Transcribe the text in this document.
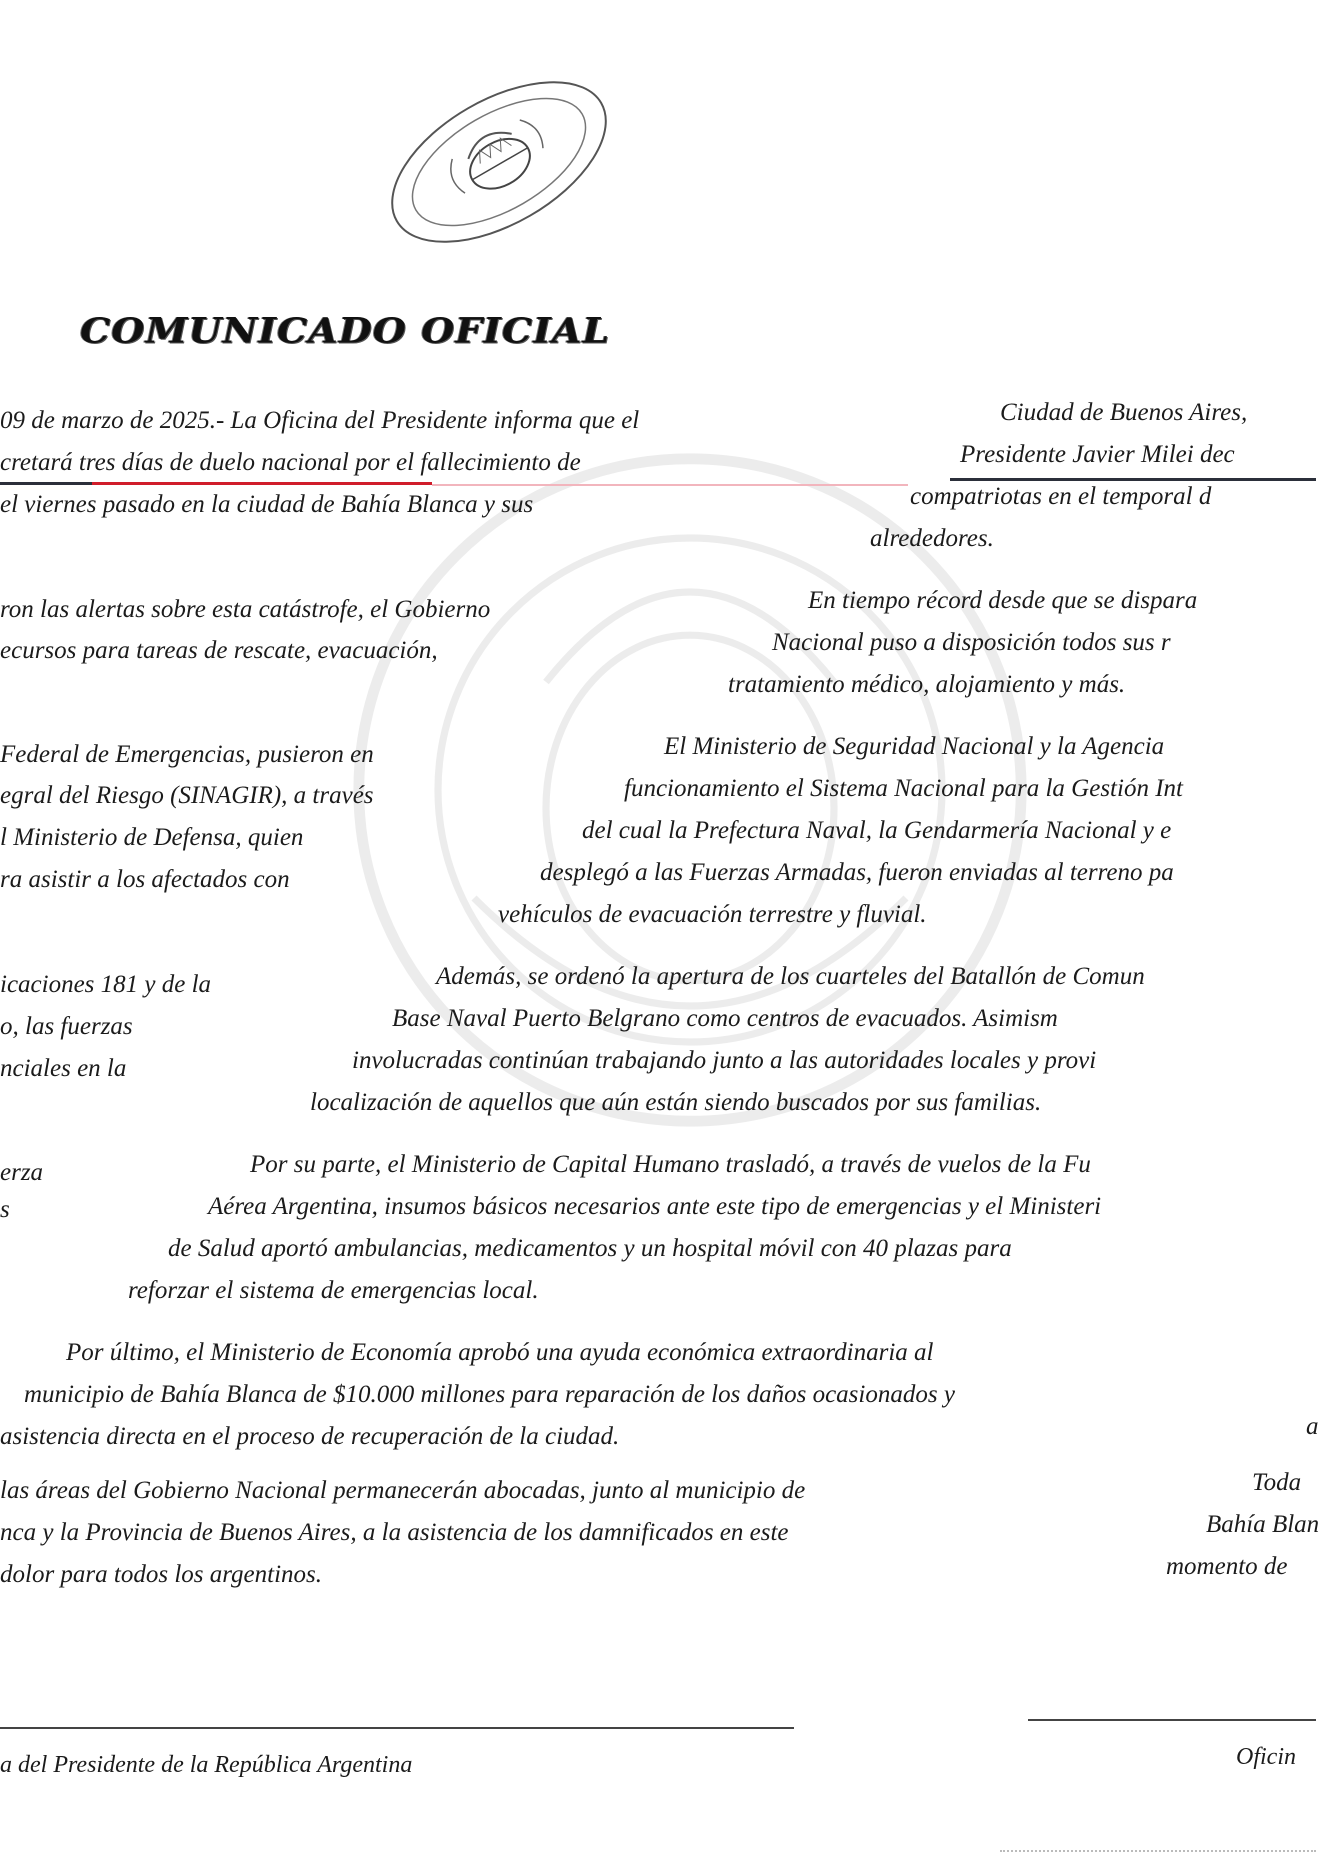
COMUNICADO OFICIAL
09 de marzo de 2025.- La Oficina del Presidente informa que el
cretará tres días de duelo nacional por el fallecimiento de
el viernes pasado en la ciudad de Bahía Blanca y sus
ron las alertas sobre esta catástrofe, el Gobierno
ecursos para tareas de rescate, evacuación,
Federal de Emergencias, pusieron en
egral del Riesgo (SINAGIR), a través
l Ministerio de Defensa, quien
ra asistir a los afectados con
icaciones 181 y de la
o, las fuerzas
nciales en la
erza
s
Ciudad de Buenos Aires,
Presidente Javier Milei dec
compatriotas en el temporal d
alrededores.
En tiempo récord desde que se dispara
Nacional puso a disposición todos sus r
tratamiento médico, alojamiento y más.
El Ministerio de Seguridad Nacional y la Agencia
funcionamiento el Sistema Nacional para la Gestión Int
del cual la Prefectura Naval, la Gendarmería Nacional y e
desplegó a las Fuerzas Armadas, fueron enviadas al terreno pa
vehículos de evacuación terrestre y fluvial.
Además, se ordenó la apertura de los cuarteles del Batallón de Comun
Base Naval Puerto Belgrano como centros de evacuados. Asimism
involucradas continúan trabajando junto a las autoridades locales y provi
localización de aquellos que aún están siendo buscados por sus familias.
Por su parte, el Ministerio de Capital Humano trasladó, a través de vuelos de la Fu
Aérea Argentina, insumos básicos necesarios ante este tipo de emergencias y el Ministeri
de Salud aportó ambulancias, medicamentos y un hospital móvil con 40 plazas para
reforzar el sistema de emergencias local.
Por último, el Ministerio de Economía aprobó una ayuda económica extraordinaria al
municipio de Bahía Blanca de $10.000 millones para reparación de los daños ocasionados y
asistencia directa en el proceso de recuperación de la ciudad.	a
las áreas del Gobierno Nacional permanecerán abocadas, junto al municipio de
nca y la Provincia de Buenos Aires, a la asistencia de los damnificados en este
dolor para todos los argentinos.
Toda
Bahía Blan
momento de
a del Presidente de la República Argentina	Oficin
